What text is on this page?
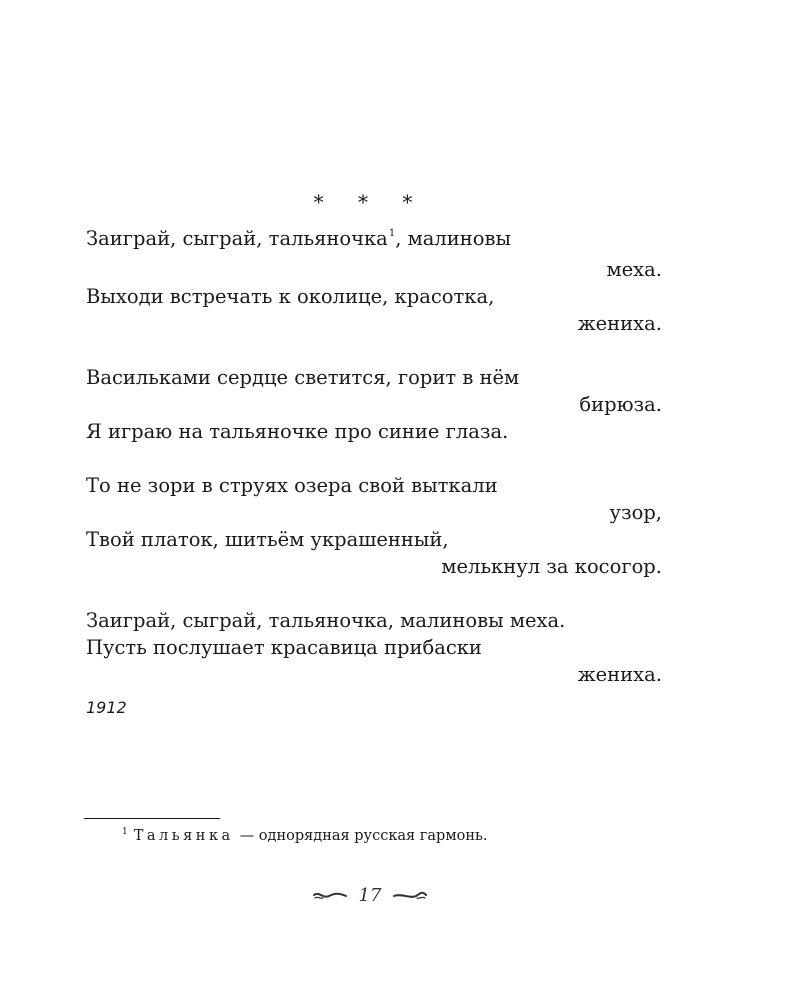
* * *
Заиграй, сыграй, тальяночка$^1$, малиновы
меха.
Выходи встречать к околице, красотка,
жениха.
Васильками сердце светится, горит в нём
бирюза.
Я играю на тальяночке про синие глаза.
То не зори в струях озера свой выткали
узор,
Твой платок, шитьём украшенный,
мелькнул за косогор.
Заиграй, сыграй, тальяночка, малиновы меха.
Пусть послушает красавица прибаски
жениха.
1912
$^1$ Тальянка — однорядная русская гармонь.
17
